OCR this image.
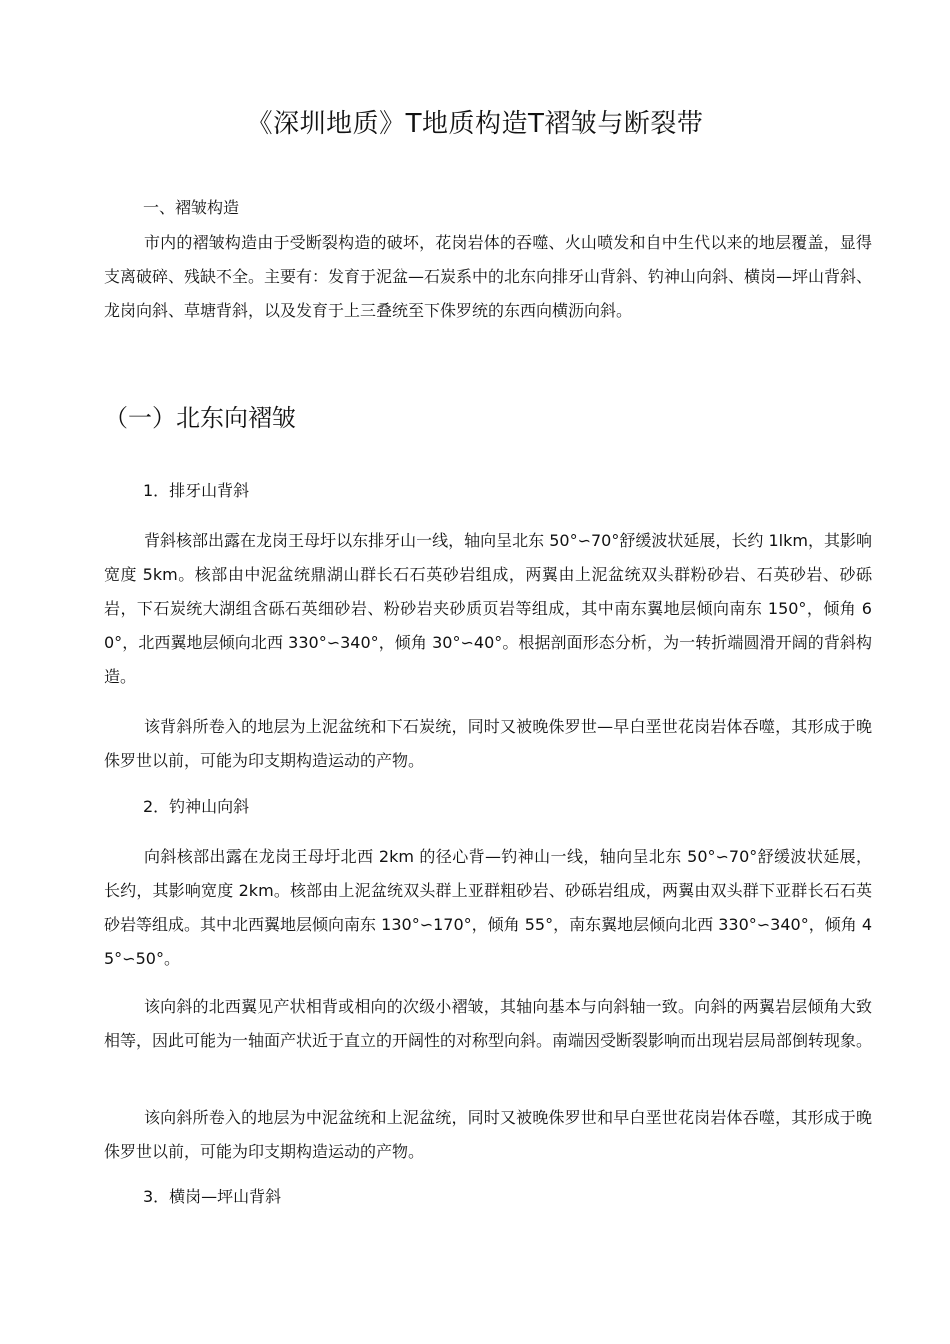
《深圳地质》T地质构造T褶皱与断裂带
一、褶皱构造
市内的褶皱构造由于受断裂构造的破坏，花岗岩体的吞噬、火山喷发和自中生代以来的地层覆盖，显得支离破碎、残缺不全。主要有：发育于泥盆—石炭系中的北东向排牙山背斜、钓神山向斜、横岗—坪山背斜、龙岗向斜、草塘背斜，以及发育于上三叠统至下侏罗统的东西向横沥向斜。
（一）北东向褶皱
1．排牙山背斜
背斜核部出露在龙岗王母圩以东排牙山一线，轴向呈北东 50°∽70°舒缓波状延展，长约 1lkm，其影响宽度 5km。核部由中泥盆统鼎湖山群长石石英砂岩组成，两翼由上泥盆统双头群粉砂岩、石英砂岩、砂砾岩，下石炭统大湖组含砾石英细砂岩、粉砂岩夹砂质页岩等组成，其中南东翼地层倾向南东 150°，倾角 60°，北西翼地层倾向北西 330°∽340°，倾角 30°∽40°。根据剖面形态分析，为一转折端圆滑开阔的背斜构造。
该背斜所卷入的地层为上泥盆统和下石炭统，同时又被晚侏罗世—早白垩世花岗岩体吞噬，其形成于晚侏罗世以前，可能为印支期构造运动的产物。
2．钓神山向斜
向斜核部出露在龙岗王母圩北西 2km 的径心背—钓神山一线，轴向呈北东 50°∽70°舒缓波状延展，长约，其影响宽度 2km。核部由上泥盆统双头群上亚群粗砂岩、砂砾岩组成，两翼由双头群下亚群长石石英砂岩等组成。其中北西翼地层倾向南东 130°∽170°，倾角 55°，南东翼地层倾向北西 330°∽340°，倾角 45°∽50°。
该向斜的北西翼见产状相背或相向的次级小褶皱，其轴向基本与向斜轴一致。向斜的两翼岩层倾角大致相等，因此可能为一轴面产状近于直立的开阔性的对称型向斜。南端因受断裂影响而出现岩层局部倒转现象。
该向斜所卷入的地层为中泥盆统和上泥盆统，同时又被晚侏罗世和早白垩世花岗岩体吞噬，其形成于晚侏罗世以前，可能为印支期构造运动的产物。
3．横岗—坪山背斜
